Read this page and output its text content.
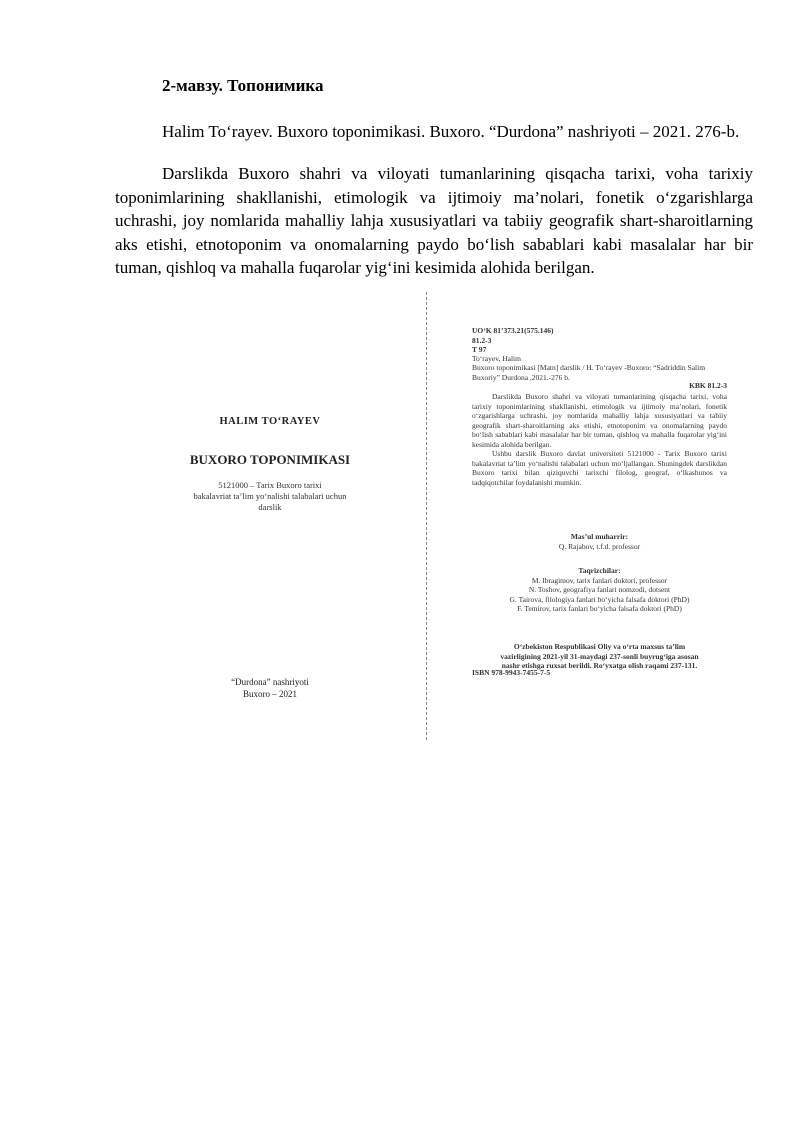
2-мавзу. Топонимика

Halim To‘rayev. Buxoro toponimikasi. Buxoro. “Durdona” nashriyoti – 2021. 276-b.

Darslikda Buxoro shahri va viloyati tumanlarining qisqacha tarixi, voha tarixiy toponimlarining shakllanishi, etimologik va ijtimoiy ma’nolari, fonetik o‘zgarishlarga uchrashi, joy nomlarida mahalliy lahja xususiyatlari va tabiiy geografik shart-sharoitlarning aks etishi, etnotoponim va onomalarning paydo bo‘lish sabablari kabi masalalar har bir tuman, qishloq va mahalla fuqarolar yig‘ini kesimida alohida berilgan.

HALIM TO‘RAYEV
BUXORO TOPONIMIKASI
5121000 – Tarix Buxoro tarixi
bakalavriat ta’lim yo‘nalishi talabalari uchun
darslik
“Durdona” nashriyoti
Buxoro – 2021
UO‘K 81’373.21(575.146)
81.2-3
T 97
To‘rayev, Halim
Buxoro toponimikasi [Matn] darslik / H. To‘rayev -Buxoro: “Sadriddin Salim Buxoriy” Durdona ,2021.-276 b.
KBK 81.2-3

Darslikda Buxoro shahri va viloyati tumanlarining qisqacha tarixi, voha tarixiy toponimlarining shakllanishi, etimologik va ijtimoiy ma’nolari, fonetik o‘zgarishlarga uchrashi, joy nomlarida mahalliy lahja xususiyatlari va tabiiy geografik shart-sharoitlarning aks etishi, etnotoponim va onomalarning paydo bo‘lish sabablari kabi masalalar har bir tuman, qishloq va mahalla fuqarolar yig‘ini kesimida alohida berilgan.

Ushbu darslik Buxoro davlat universiteti 5121000 - Tarix Buxoro tarixi bakalavriat ta’lim yo‘nalishi talabalari uchun mo‘ljallangan. Shuningdek darslikdan Buxoro tarixi bilan qiziquvchi tarixchi filolog, geograf, o‘lkashunos va tadqiqotchilar foydalanishi mumkin.

Mas’ul muharrir:
Q. Rajabov, t.f.d. professor
Taqrizchilar:
M. Ibragimov, tarix fanlari doktori, professor
N. Toshov, geografiya fanlari nomzodi, dotsent
G. Tairova, filologiya fanlari bo‘yicha falsafa doktori (PhD)
F. Temirov, tarix fanlari bo‘yicha falsafa doktori (PhD)
O‘zbekiston Respublikasi Oliy va o‘rta maxsus ta’lim
vazirligining 2021-yil 31-maydagi 237-sonli buyrug‘iga asosan
nashr etishga ruxsat berildi. Ro‘yxatga olish raqami 237-131.
ISBN 978-9943-7455-7-5
